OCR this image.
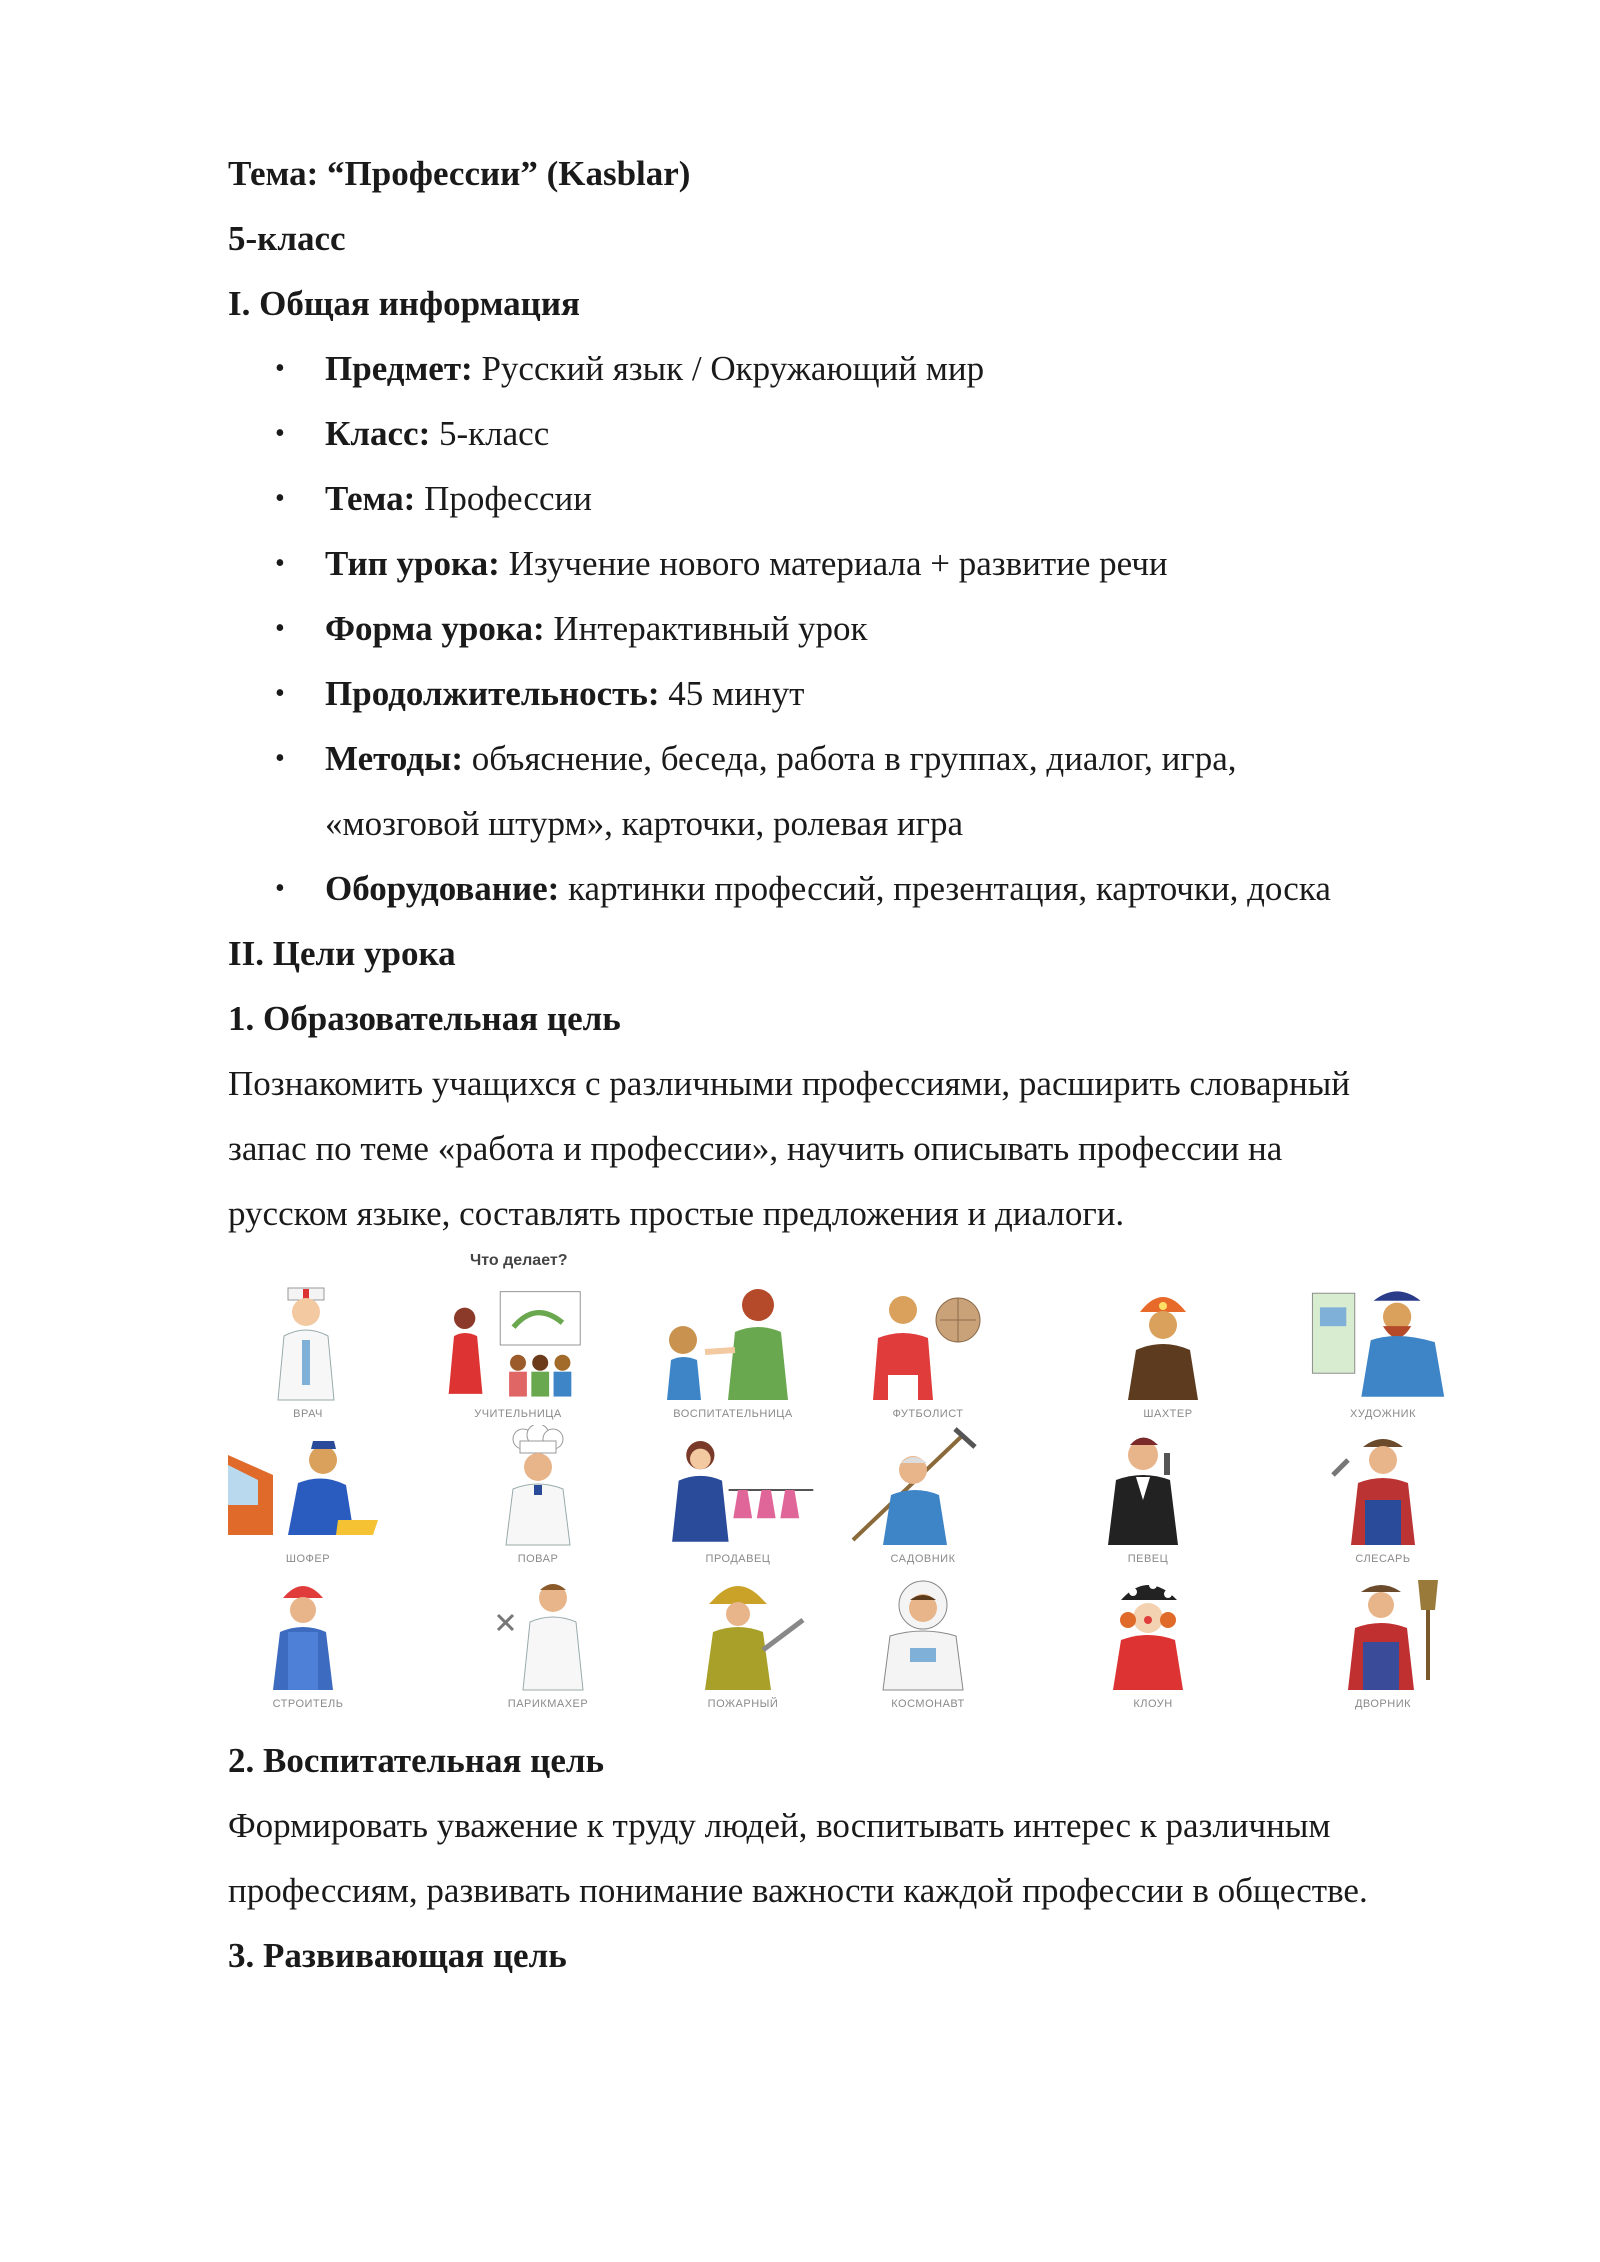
Тема: “Профессии” (Kasblar)
5-класс
I. Общая информация
• Предмет: Русский язык / Окружающий мир
• Класс: 5-класс
• Тема: Профессии
• Тип урока: Изучение нового материала + развитие речи
• Форма урока: Интерактивный урок
• Продолжительность: 45 минут
• Методы: объяснение, беседа, работа в группах, диалог, игра,
«мозговой штурм», карточки, ролевая игра
• Оборудование: картинки профессий, презентация, карточки, доска
II. Цели урока
1. Образовательная цель
Познакомить учащихся с различными профессиями, расширить словарный
запас по теме «работа и профессии», научить описывать профессии на
русском языке, составлять простые предложения и диалоги.
Что делает?
ВРАЧ	УЧИТЕЛЬНИЦА	ВОСПИТАТЕЛЬНИЦА	ФУТБОЛИСТ	ШАХТЕР	ХУДОЖНИК
ШОФЕР	ПОВАР	ПРОДАВЕЦ	САДОВНИК	ПЕВЕЦ	СЛЕСАРЬ
СТРОИТЕЛЬ	ПАРИКМАХЕР	ПОЖАРНЫЙ	КОСМОНАВТ	КЛОУН	ДВОРНИК
2. Воспитательная цель
Формировать уважение к труду людей, воспитывать интерес к различным
профессиям, развивать понимание важности каждой профессии в обществе.
3. Развивающая цель
